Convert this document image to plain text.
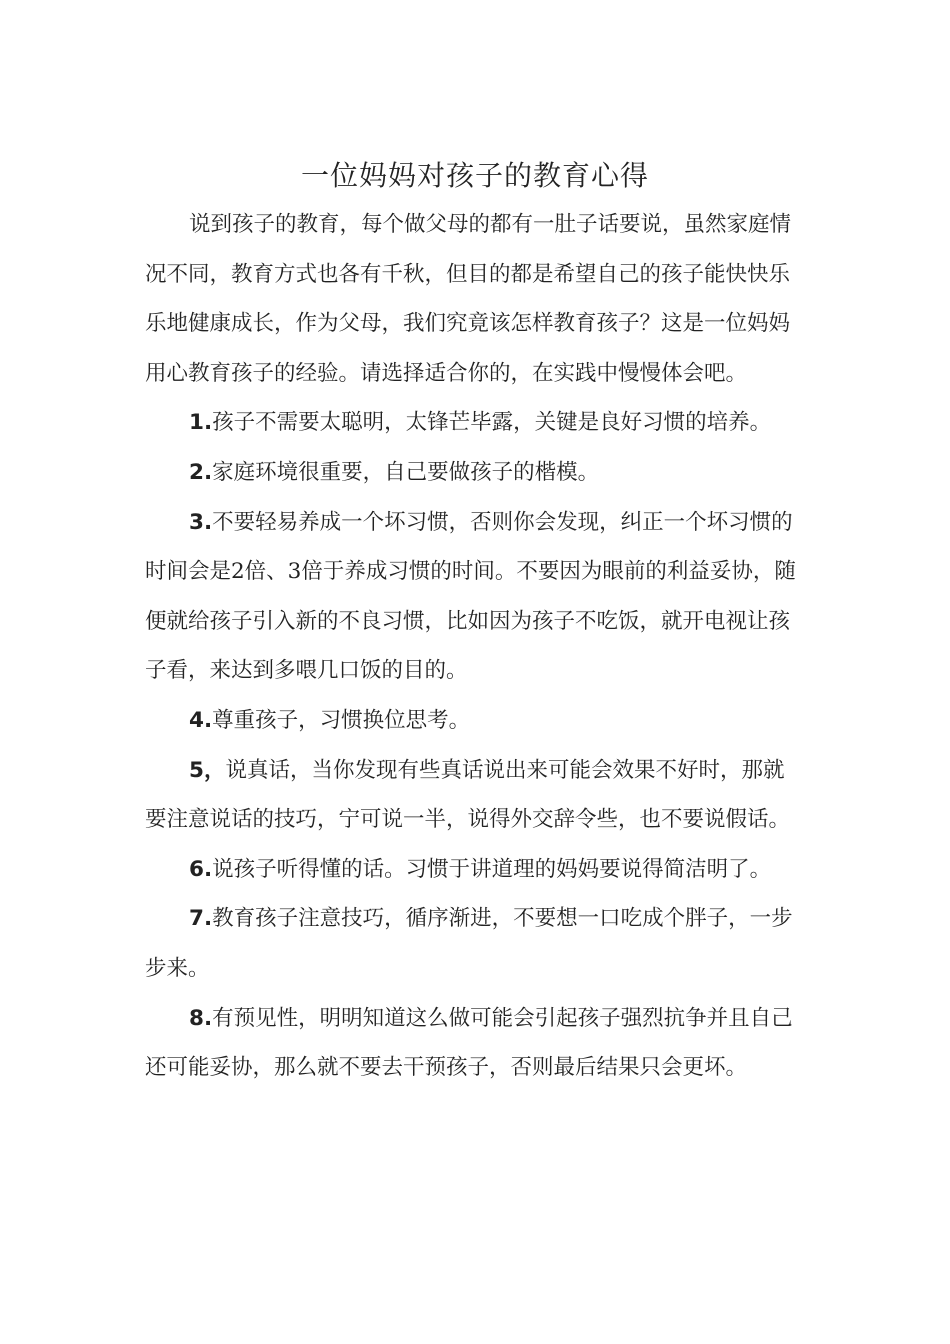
一位妈妈对孩子的教育心得

说到孩子的教育，每个做父母的都有一肚子话要说，虽然家庭情况不同，教育方式也各有千秋，但目的都是希望自己的孩子能快快乐乐地健康成长，作为父母，我们究竟该怎样教育孩子？这是一位妈妈用心教育孩子的经验。请选择适合你的，在实践中慢慢体会吧。

1.孩子不需要太聪明，太锋芒毕露，关键是良好习惯的培养。

2.家庭环境很重要，自己要做孩子的楷模。

3.不要轻易养成一个坏习惯，否则你会发现，纠正一个坏习惯的时间会是2倍、3倍于养成习惯的时间。不要因为眼前的利益妥协，随便就给孩子引入新的不良习惯，比如因为孩子不吃饭，就开电视让孩子看，来达到多喂几口饭的目的。

4.尊重孩子，习惯换位思考。

5，说真话，当你发现有些真话说出来可能会效果不好时，那就要注意说话的技巧，宁可说一半，说得外交辞令些，也不要说假话。

6.说孩子听得懂的话。习惯于讲道理的妈妈要说得简洁明了。

7.教育孩子注意技巧，循序渐进，不要想一口吃成个胖子，一步步来。

8.有预见性，明明知道这么做可能会引起孩子强烈抗争并且自己还可能妥协，那么就不要去干预孩子，否则最后结果只会更坏。
